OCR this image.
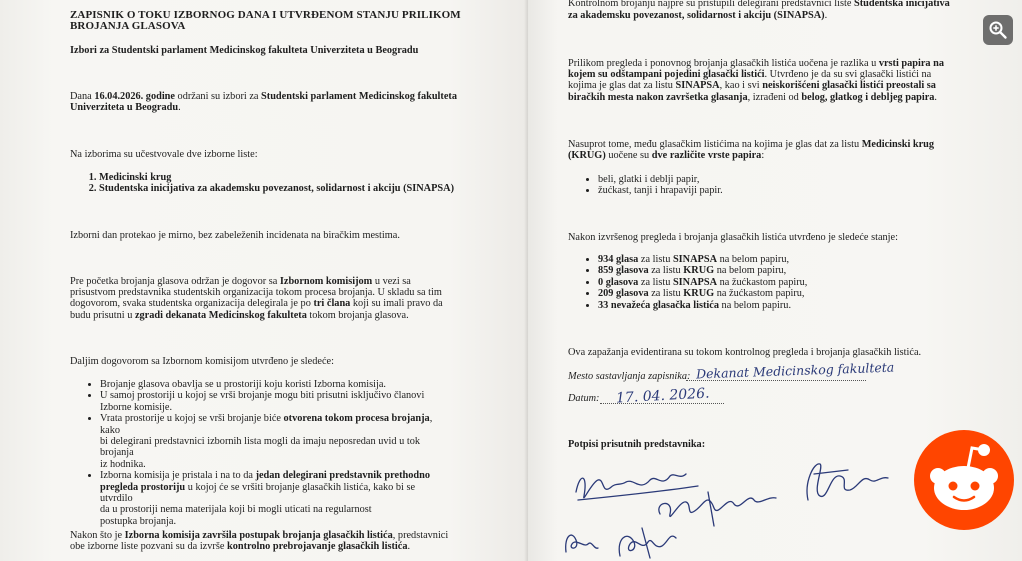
ZAPISNIK O TOKU IZBORNOG DANA I UTVRĐENOM STANJU PRILIKOM
BROJANJA GLASOVA
Izbori za Studentski parlament Medicinskog fakulteta Univerziteta u Beogradu
Dana 16.04.2026. godine održani su izbori za Studentski parlament Medicinskog fakulteta
Univerziteta u Beogradu.
Na izborima su učestvovale dve izborne liste:
1. Medicinski krug
2. Studentska inicijativa za akademsku povezanost, solidarnost i akciju (SINAPSA)
Izborni dan protekao je mirno, bez zabeleženih incidenata na biračkim mestima.
Pre početka brojanja glasova održan je dogovor sa Izbornom komisijom u vezi sa
prisustvom predstavnika studentskih organizacija tokom procesa brojanja. U skladu sa tim
dogovorom, svaka studentska organizacija delegirala je po tri člana koji su imali pravo da
budu prisutni u zgradi dekanata Medicinskog fakulteta tokom brojanja glasova.
Daljim dogovorom sa Izbornom komisijom utvrđeno je sledeće:
• Brojanje glasova obavlja se u prostoriji koju koristi Izborna komisija.
• U samoj prostoriji u kojoj se vrši brojanje mogu biti prisutni isključivo članovi
Izborne komisije.
• Vrata prostorije u kojoj se vrši brojanje biće otvorena tokom procesa brojanja, kako
bi delegirani predstavnici izbornih lista mogli da imaju neposredan uvid u tok brojanja
iz hodnika.
• Izborna komisija je pristala i na to da jedan delegirani predstavnik prethodno
pregleda prostoriju u kojoj će se vršiti brojanje glasačkih listića, kako bi se utvrdilo
da u prostoriji nema materijala koji bi mogli uticati na regularnost
postupka brojanja.
Nakon što je Izborna komisija završila postupak brojanja glasačkih listića, predstavnici
obe izborne liste pozvani su da izvrše kontrolno prebrojavanje glasačkih listića.
Kontrolnom brojanju najpre su pristupili delegirani predstavnici liste Studentska inicijativa
za akademsku povezanost, solidarnost i akciju (SINAPSA).
Prilikom pregleda i ponovnog brojanja glasačkih listića uočena je razlika u vrsti papira na
kojem su odštampani pojedini glasački listići. Utvrđeno je da su svi glasački listići na
kojima je glas dat za listu SINAPSA, kao i svi neiskorišćeni glasački listići preostali sa
biračkih mesta nakon završetka glasanja, izrađeni od belog, glatkog i debljeg papira.
Nasuprot tome, među glasačkim listićima na kojima je glas dat za listu Medicinski krug
(KRUG) uočene su dve različite vrste papira:
• beli, glatki i deblji papir,
• žućkast, tanji i hrapaviji papir.
Nakon izvršenog pregleda i brojanja glasačkih listića utvrđeno je sledeće stanje:
• 934 glasa za listu SINAPSA na belom papiru,
• 859 glasova za listu KRUG na belom papiru,
• 0 glasova za listu SINAPSA na žućkastom papiru,
• 209 glasova za listu KRUG na žućkastom papiru,
• 33 nevažeća glasačka listića na belom papiru.
Ova zapažanja evidentirana su tokom kontrolnog pregleda i brojanja glasačkih listića.
Mesto sastavljanja zapisnika: Dekanat Medicinskog fakulteta
Datum: 17. 04. 2026.
Potpisi prisutnih predstavnika:
